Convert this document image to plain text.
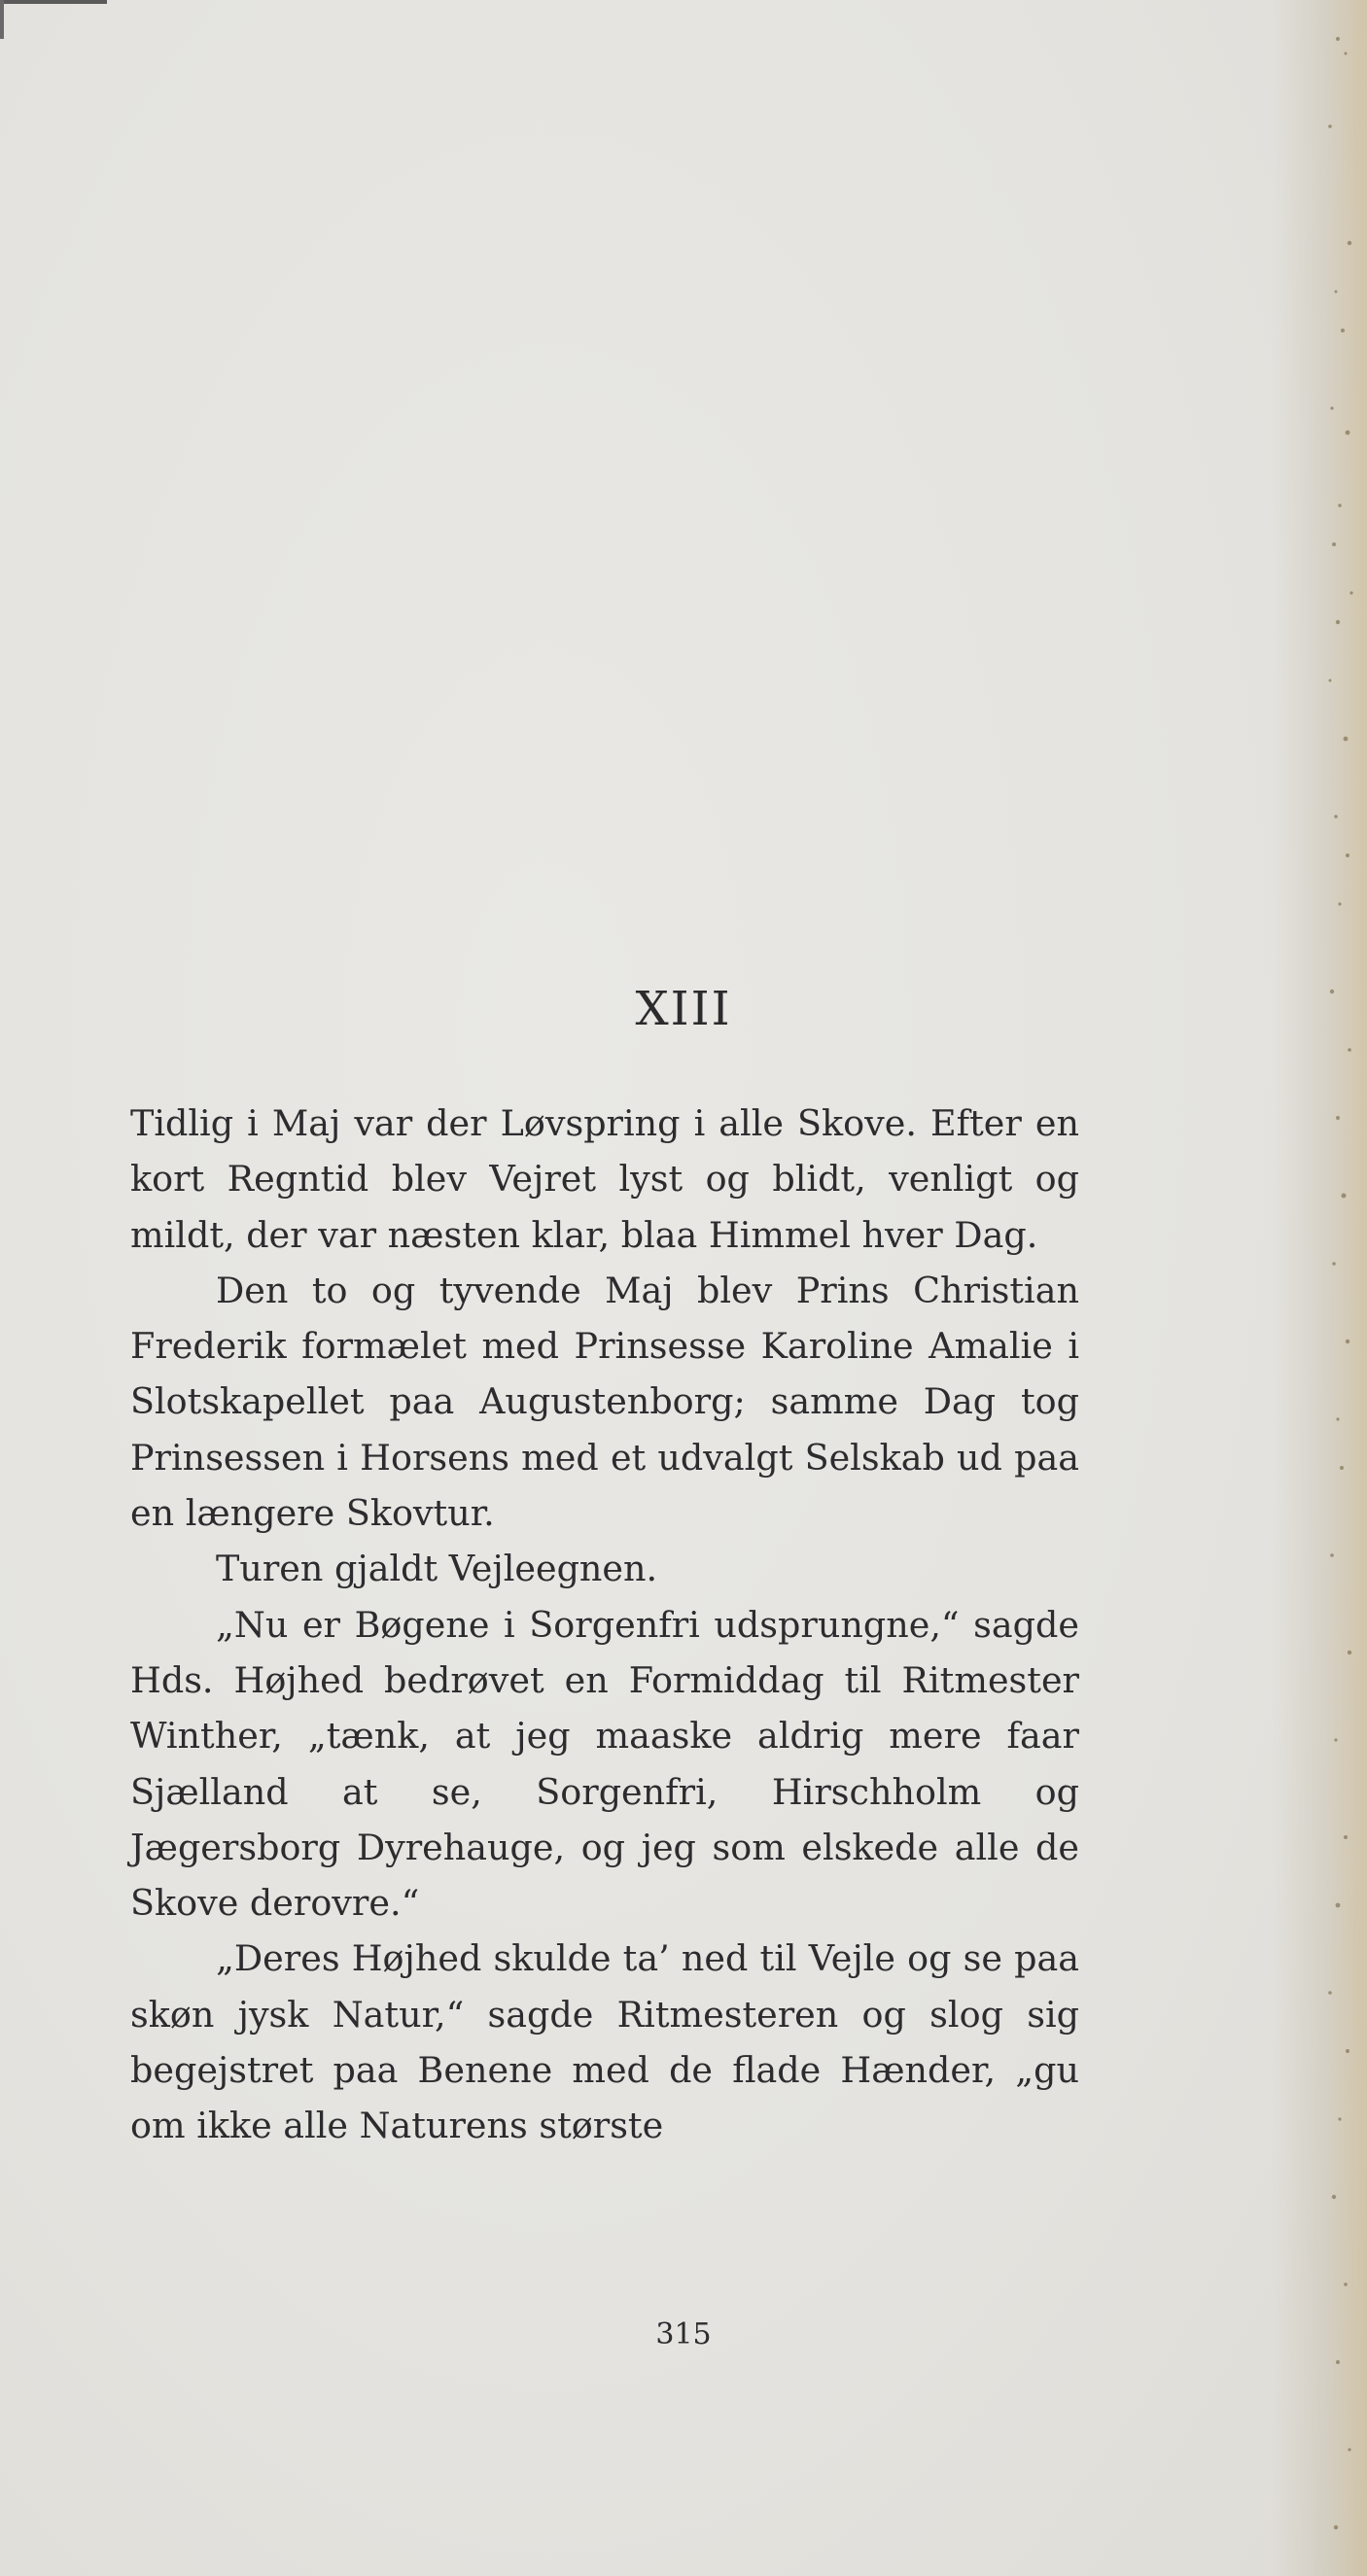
XIII

Tidlig i Maj var der Løvspring i alle Skove. Efter en kort Regntid blev Vejret lyst og blidt, venligt og mildt, der var næsten klar, blaa Himmel hver Dag.

Den to og tyvende Maj blev Prins Christian Frederik formælet med Prinsesse Karoline Amalie i Slotskapellet paa Augustenborg; samme Dag tog Prinsessen i Horsens med et udvalgt Selskab ud paa en længere Skovtur.

Turen gjaldt Vejleegnen.

„Nu er Bøgene i Sorgenfri udsprungne,“ sagde Hds. Højhed bedrøvet en Formiddag til Ritmester Winther, „tænk, at jeg maaske aldrig mere faar Sjælland at se, Sorgenfri, Hirschholm og Jægersborg Dyrehauge, og jeg som elskede alle de Skove derovre.“

„Deres Højhed skulde ta’ ned til Vejle og se paa skøn jysk Natur,“ sagde Ritmesteren og slog sig begejstret paa Benene med de flade Hænder, „gu om ikke alle Naturens største

315
